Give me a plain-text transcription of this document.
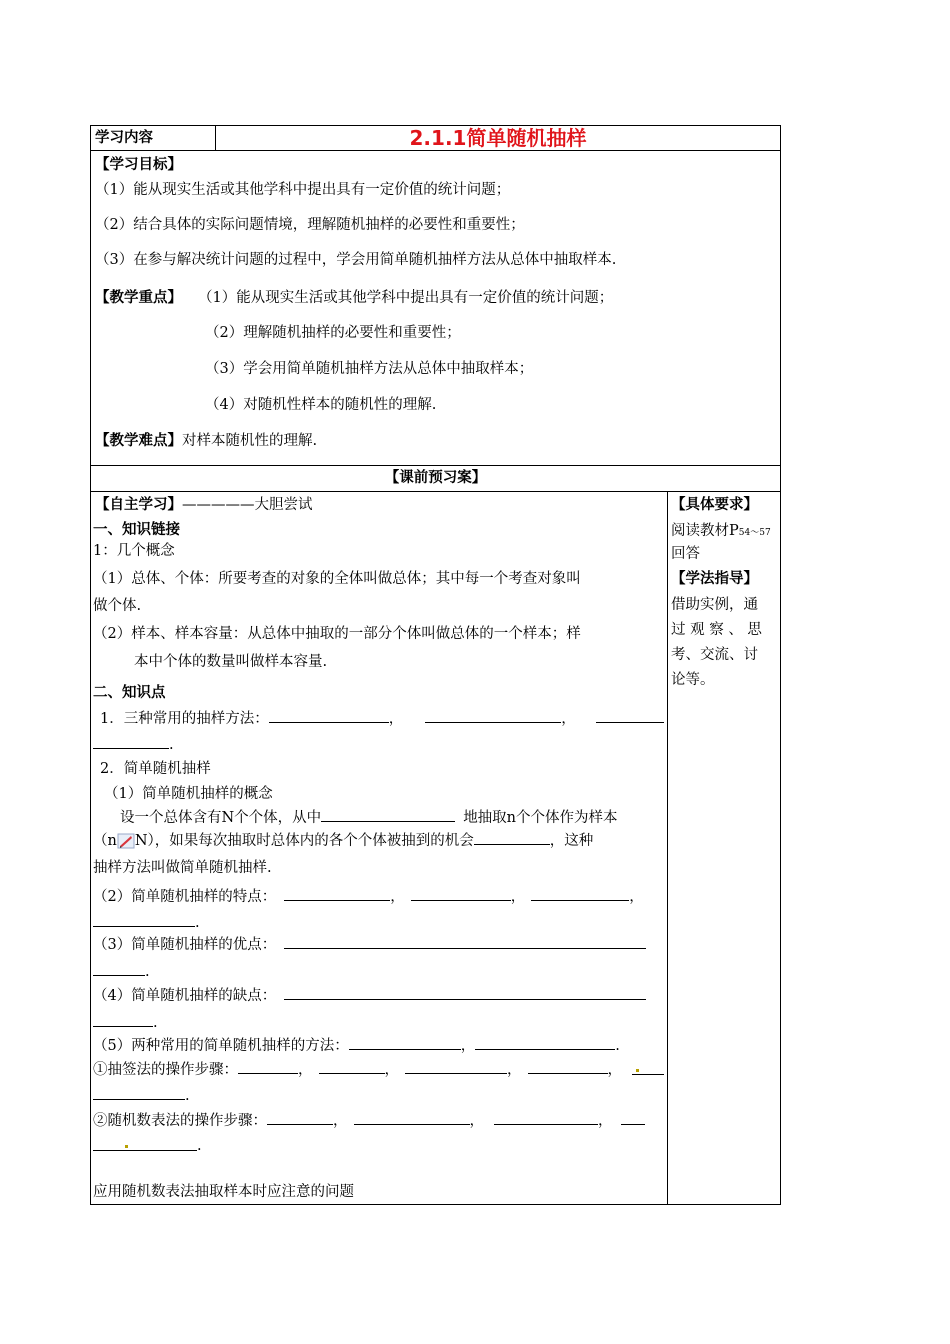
学习内容	2.1.1简单随机抽样
【学习目标】
（1）能从现实生活或其他学科中提出具有一定价值的统计问题；
（2）结合具体的实际问题情境，理解随机抽样的必要性和重要性；
（3）在参与解决统计问题的过程中，学会用简单随机抽样方法从总体中抽取样本.
【教学重点】 （1）能从现实生活或其他学科中提出具有一定价值的统计问题；
（2）理解随机抽样的必要性和重要性；
（3）学会用简单随机抽样方法从总体中抽取样本；
（4）对随机性样本的随机性的理解.
【教学难点】对样本随机性的理解.
【课前预习案】
【自主学习】—————大胆尝试
一、知识链接
1：几个概念
（1）总体、个体：所要考查的对象的全体叫做总体；其中每一个考查对象叫
做个体.
（2）样本、样本容量：从总体中抽取的一部分个体叫做总体的一个样本；样
本中个体的数量叫做样本容量.
二、知识点
1．三种常用的抽样方法：	，	，
.
2．简单随机抽样
（1）简单随机抽样的概念
设一个总体含有N个个体，从中	地抽取n个个体作为样本
（n N），如果每次抽取时总体内的各个个体被抽到的机会	，这种
抽样方法叫做简单随机抽样.
（2）简单随机抽样的特点：	，	，	，
.
（3）简单随机抽样的优点：
.
（4）简单随机抽样的缺点：
.
（5）两种常用的简单随机抽样的方法：	，	.
①抽签法的操作步骤：	，	，	，	，
.
②随机数表法的操作步骤：	，	，	，
.
应用随机数表法抽取样本时应注意的问题
【具体要求】
阅读教材P54～57
回答
【学法指导】
借助实例，通
过 观 察 、 思
考、交流、讨
论等。
